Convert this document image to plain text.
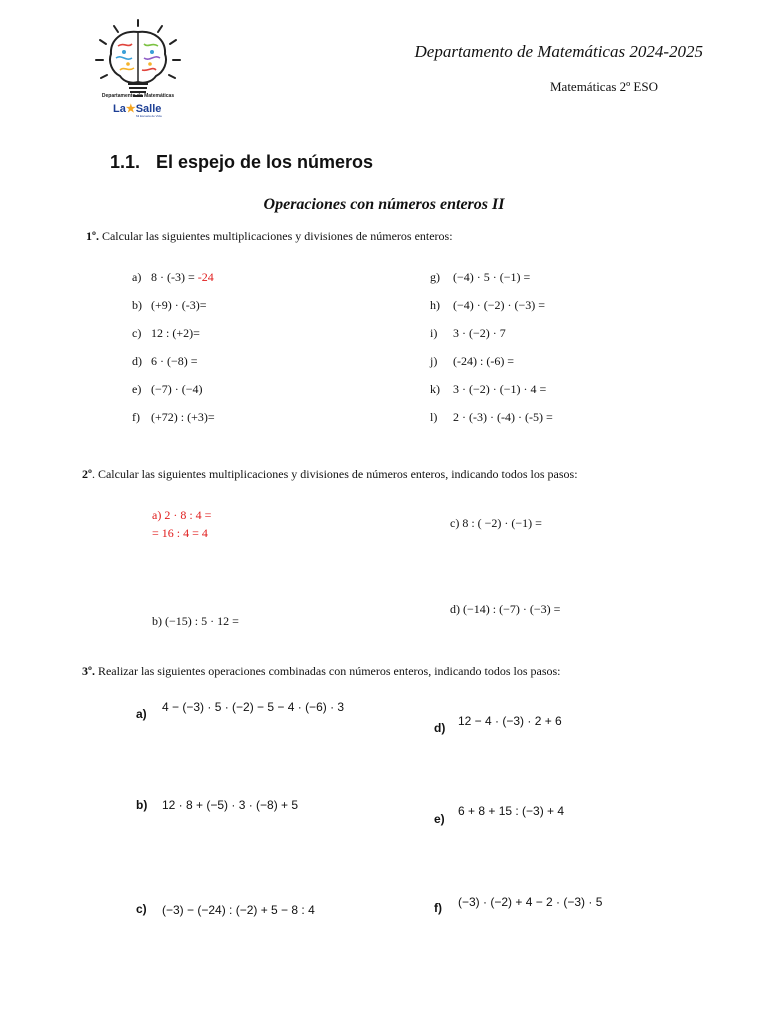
Departamento de Matemáticas
La★Salle
Mi Escuela de Vida
Departamento de Matemáticas 2024-2025
Matemáticas 2º ESO
1.1. El espejo de los números
Operaciones con números enteros II
1º. Calcular las siguientes multiplicaciones y divisiones de números enteros:
a) 8 · (-3) = -24
b) (+9) · (-3)=
c) 12 : (+2)=
d) 6 · (−8) =
e) (−7) · (−4)
f) (+72) : (+3)=
g) (−4) · 5 · (−1) =
h) (−4) · (−2) · (−3) =
i) 3 · (−2) · 7
j) (-24) : (-6) =
k) 3 · (−2) · (−1) · 4 =
l) 2 · (-3) · (-4) · (-5) =
2º. Calcular las siguientes multiplicaciones y divisiones de números enteros, indicando todos los pasos:
a) 2 · 8 : 4 =
= 16 : 4 = 4
c) 8 : ( −2) · (−1) =
d) (−14) : (−7) · (−3) =
b) (−15) : 5 · 12 =
3º. Realizar las siguientes operaciones combinadas con números enteros, indicando todos los pasos:
a) 4 − (−3) · 5 · (−2) − 5 − 4 · (−6) · 3
d) 12 − 4 · (−3) · 2 + 6
b) 12 · 8 + (−5) · 3 · (−8) + 5
e)
6 + 8 + 15 : (−3) + 4
c) (−3) − (−24) : (−2) + 5 − 8 : 4	f) (−3) · (−2) + 4 − 2 · (−3) · 5
